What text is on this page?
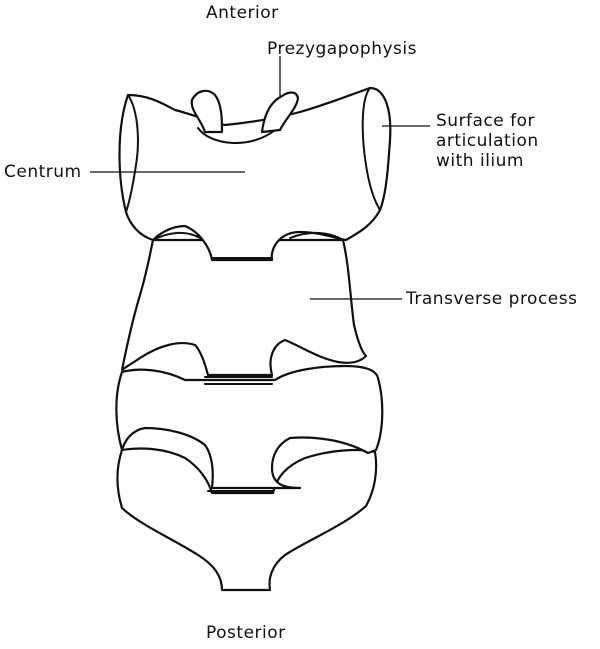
Anterior
Posterior
Prezygapophysis
Surface for
articulation
with ilium
Centrum
Transverse process
